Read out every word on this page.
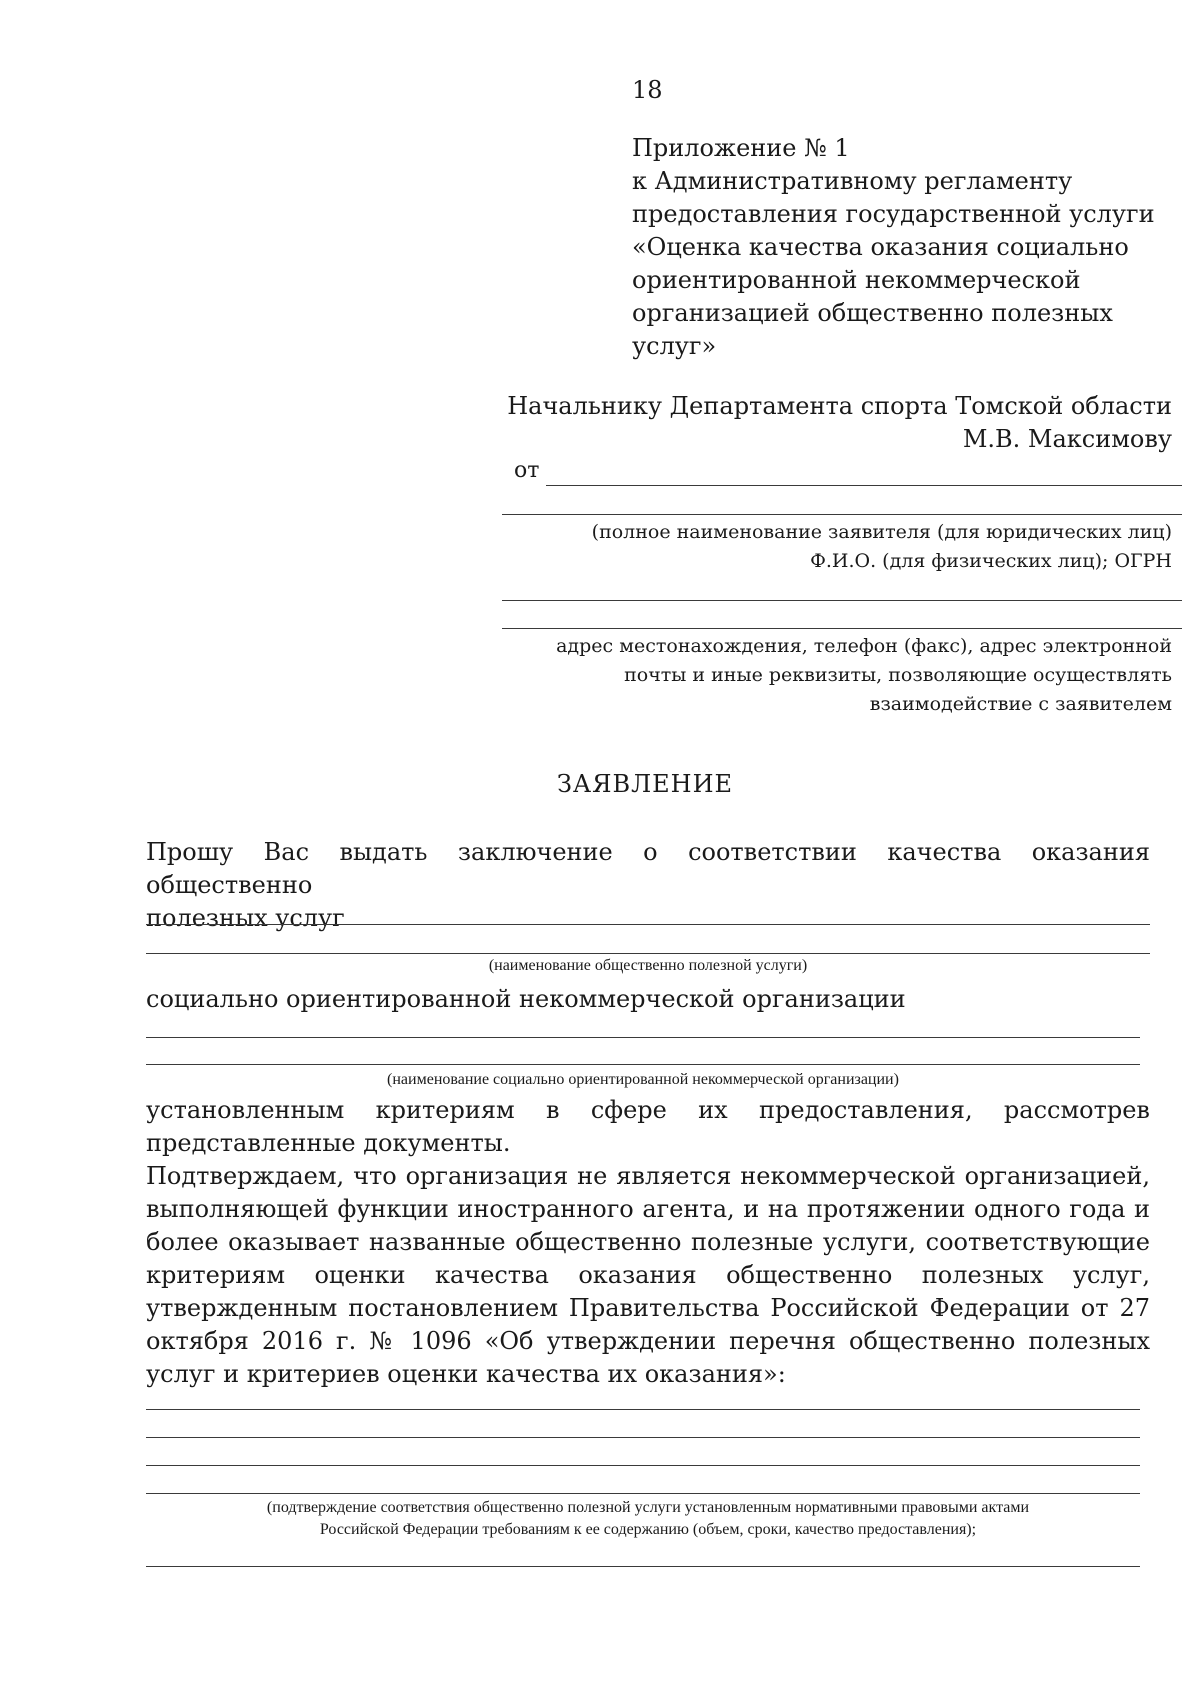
18
Приложение № 1
к Административному регламенту
предоставления государственной услуги
«Оценка качества оказания социально
ориентированной некоммерческой
организацией общественно полезных
услуг»
Начальнику Департамента спорта Томской области
М.В. Максимову
от
(полное наименование заявителя (для юридических лиц)
Ф.И.О. (для физических лиц); ОГРН
адрес местонахождения, телефон (факс), адрес электронной
почты и иные реквизиты, позволяющие осуществлять
взаимодействие с заявителем
ЗАЯВЛЕНИЕ
Прошу Вас выдать заключение о соответствии качества оказания общественно
полезных услуг
(наименование общественно полезной услуги)
социально ориентированной некоммерческой организации
(наименование социально ориентированной некоммерческой организации)
установленным критериям в сфере их предоставления, рассмотрев
представленные документы.
Подтверждаем, что организация не является некоммерческой организацией, выполняющей функции иностранного агента, и на протяжении одного года и более оказывает названные общественно полезные услуги, соответствующие критериям оценки качества оказания общественно полезных услуг, утвержденным постановлением Правительства Российской Федерации от 27 октября 2016 г. № 1096 «Об утверждении перечня общественно полезных услуг и критериев оценки качества их оказания»:
(подтверждение соответствия общественно полезной услуги установленным нормативными правовыми актами
Российской Федерации требованиям к ее содержанию (объем, сроки, качество предоставления);
